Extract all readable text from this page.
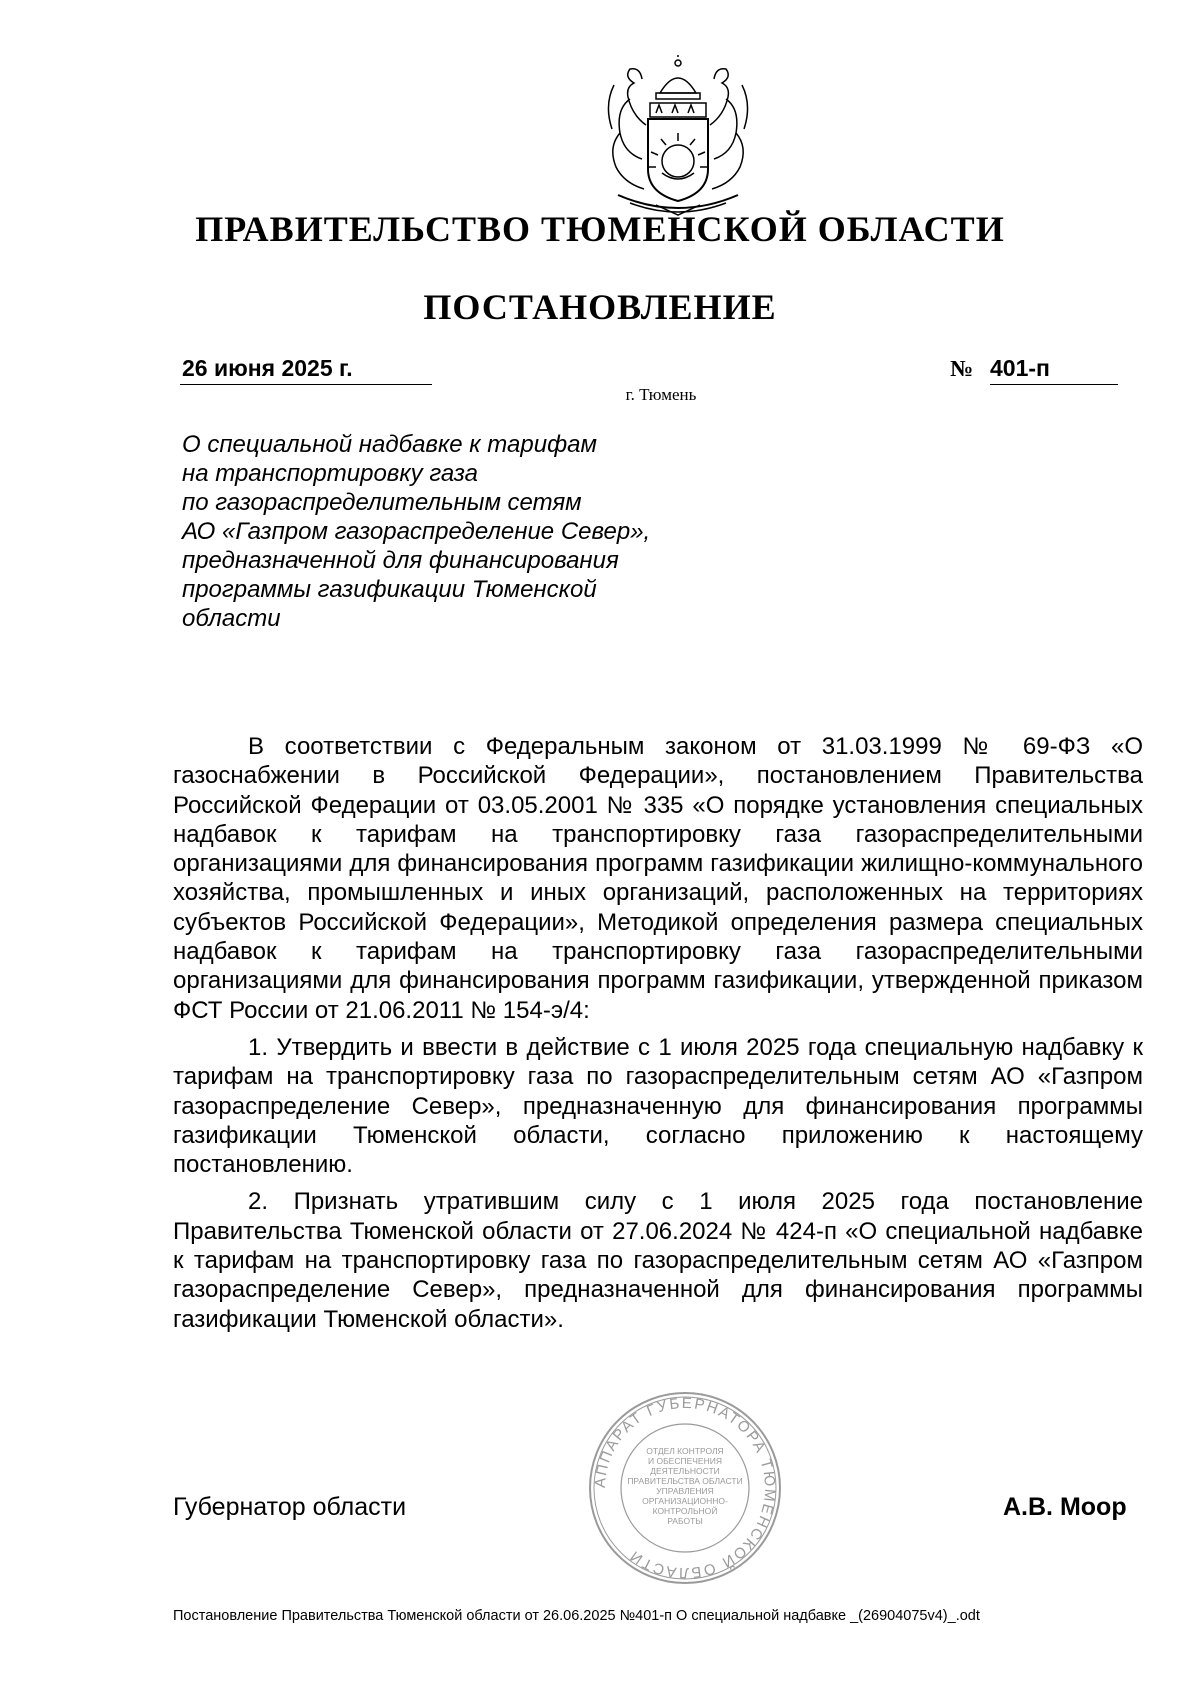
ПРАВИТЕЛЬСТВО ТЮМЕНСКОЙ ОБЛАСТИ
ПОСТАНОВЛЕНИЕ
26 июня 2025 г.	№ 401-п
г. Тюмень
О специальной надбавке к тарифам
на транспортировку газа
по газораспределительным сетям
АО «Газпром газораспределение Север»,
предназначенной для финансирования
программы газификации Тюменской
области

В соответствии с Федеральным законом от 31.03.1999 № 69-ФЗ «О газоснабжении в Российской Федерации», постановлением Правительства Российской Федерации от 03.05.2001 № 335 «О порядке установления специальных надбавок к тарифам на транспортировку газа газораспределительными организациями для финансирования программ газификации жилищно-коммунального хозяйства, промышленных и иных организаций, расположенных на территориях субъектов Российской Федерации», Методикой определения размера специальных надбавок к тарифам на транспортировку газа газораспределительными организациями для финансирования программ газификации, утвержденной приказом ФСТ России от 21.06.2011 № 154-э/4:

1. Утвердить и ввести в действие с 1 июля 2025 года специальную надбавку к тарифам на транспортировку газа по газораспределительным сетям АО «Газпром газораспределение Север», предназначенную для финансирования программы газификации Тюменской области, согласно приложению к настоящему постановлению.

2. Признать утратившим силу с 1 июля 2025 года постановление Правительства Тюменской области от 27.06.2024 № 424-п «О специальной надбавке к тарифам на транспортировку газа по газораспределительным сетям АО «Газпром газораспределение Север», предназначенной для финансирования программы газификации Тюменской области».

АППАРАТ ГУБЕРНАТОРА ТЮМЕНСКОЙ ОБЛАСТИ
ОТДЕЛ КОНТРОЛЯ
И ОБЕСПЕЧЕНИЯ
ДЕЯТЕЛЬНОСТИ
ПРАВИТЕЛЬСТВА ОБЛАСТИ
УПРАВЛЕНИЯ
ОРГАНИЗАЦИОННО-
КОНТРОЛЬНОЙ
РАБОТЫ
Губернатор области	А.В. Моор
Постановление Правительства Тюменской области от 26.06.2025 №401-п О специальной надбавке _(26904075v4)_.odt
